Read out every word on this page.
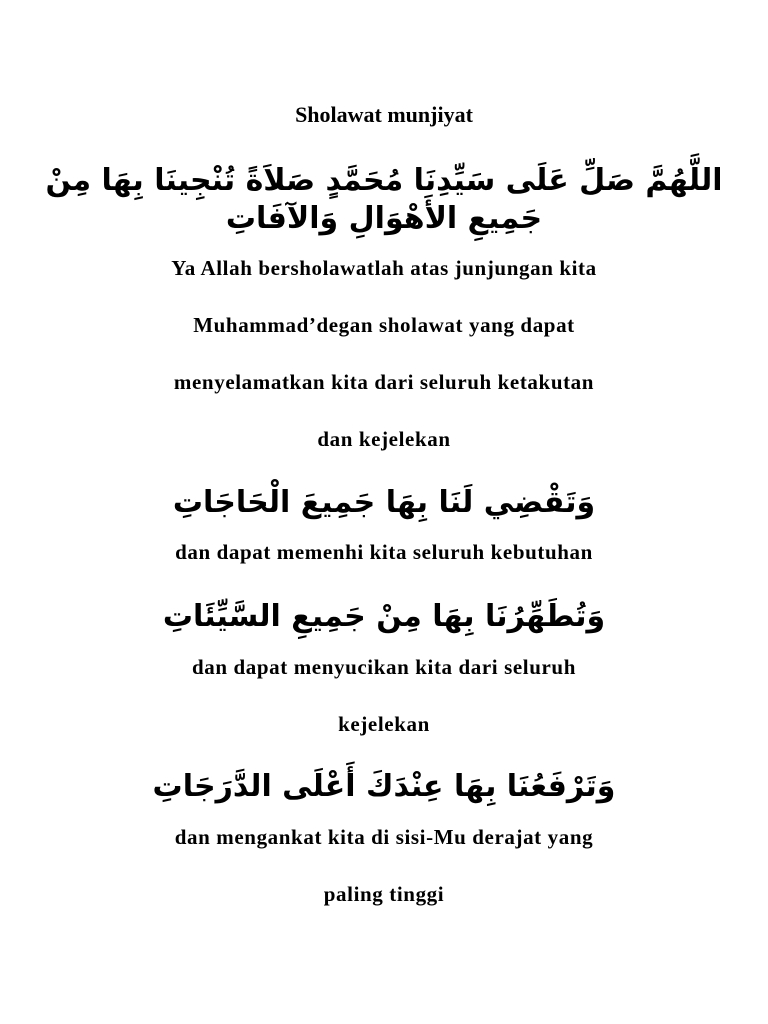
Sholawat munjiyat
اللَّهُمَّ صَلِّ عَلَى سَيِّدِنَا مُحَمَّدٍ صَلاَةً تُنْجِينَا بِهَا مِنْ
جَمِيعِ الأَهْوَالِ وَالآفَاتِ
Ya Allah bersholawatlah atas junjungan kita
Muhammad’degan sholawat yang dapat
menyelamatkan kita dari seluruh ketakutan
dan kejelekan
وَتَقْضِي لَنَا بِهَا جَمِيعَ الْحَاجَاتِ
dan dapat memenhi kita seluruh kebutuhan
وَتُطَهِّرُنَا بِهَا مِنْ جَمِيعِ السَّيِّئَاتِ
dan dapat menyucikan kita dari seluruh
kejelekan
وَتَرْفَعُنَا بِهَا عِنْدَكَ أَعْلَى الدَّرَجَاتِ
dan mengankat kita di sisi-Mu derajat yang
paling tinggi
